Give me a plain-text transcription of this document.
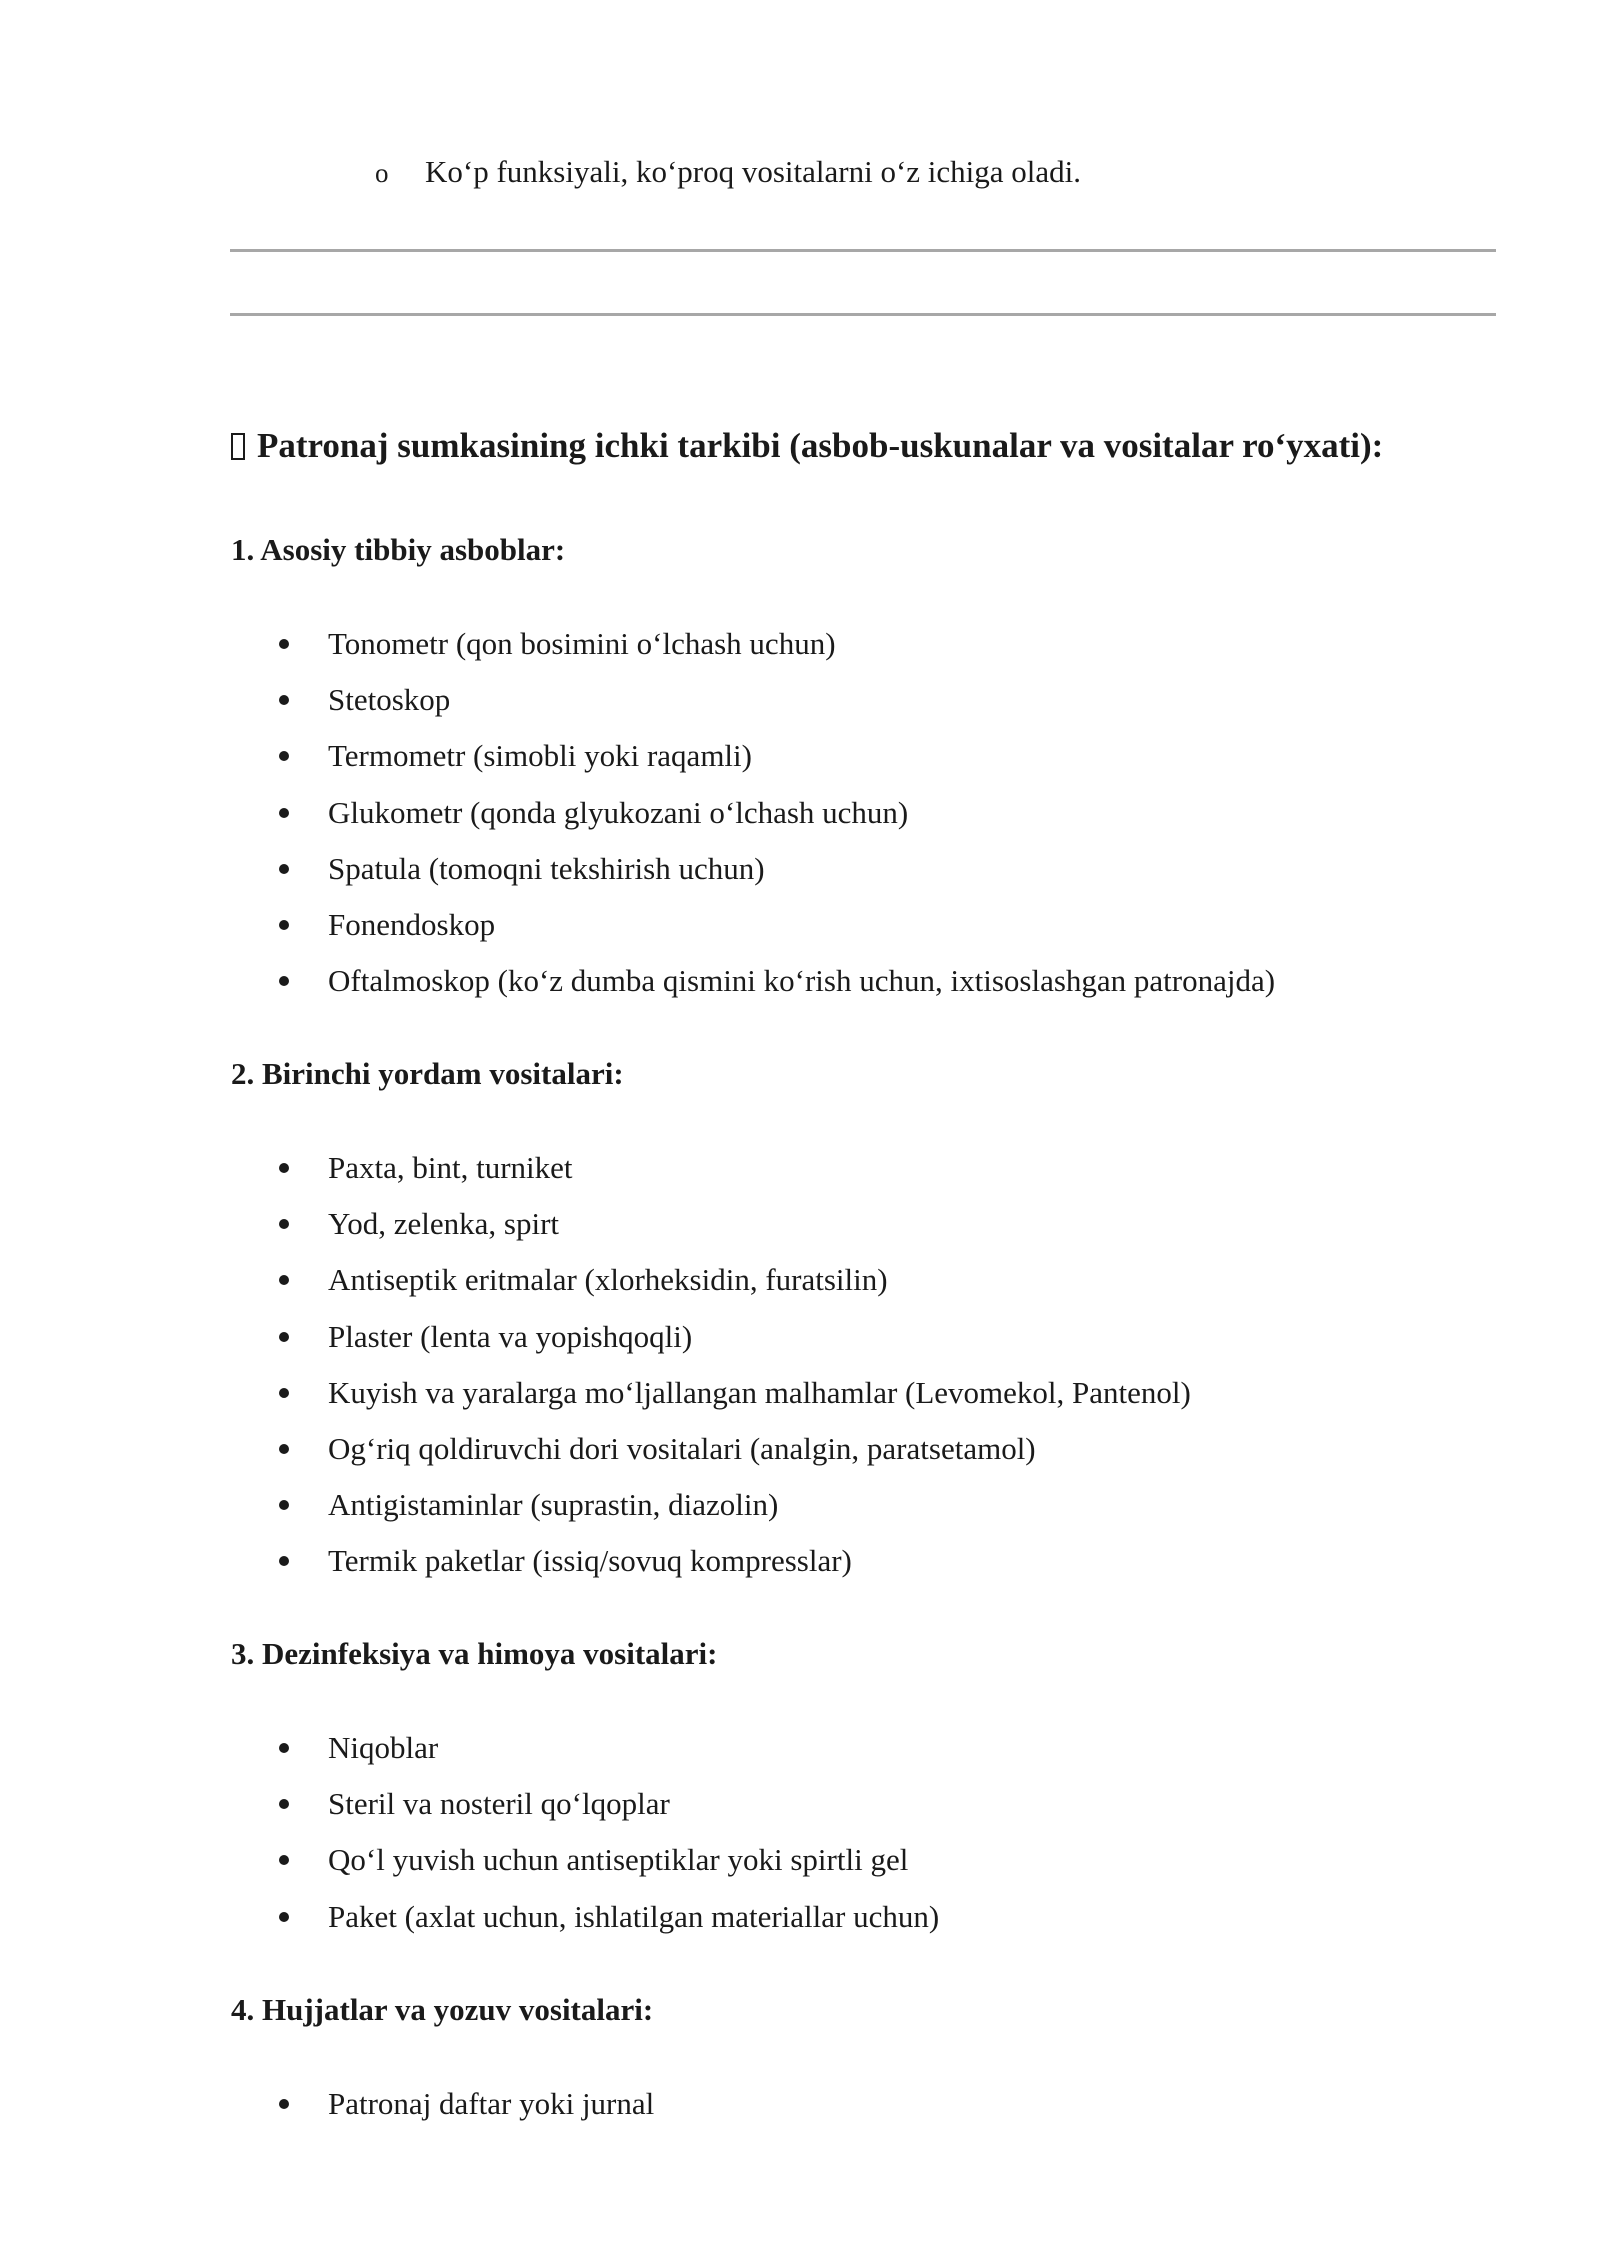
o	Koʻp funksiyali, koʻproq vositalarni oʻz ichiga oladi.
Patronaj sumkasining ichki tarkibi (asbob-uskunalar va vositalar roʻyxati):
1. Asosiy tibbiy asboblar:
Tonometr (qon bosimini oʻlchash uchun)
Stetoskop
Termometr (simobli yoki raqamli)
Glukometr (qonda glyukozani oʻlchash uchun)
Spatula (tomoqni tekshirish uchun)
Fonendoskop
Oftalmoskop (koʻz dumba qismini koʻrish uchun, ixtisoslashgan patronajda)
2. Birinchi yordam vositalari:
Paxta, bint, turniket
Yod, zelenka, spirt
Antiseptik eritmalar (xlorheksidin, furatsilin)
Plaster (lenta va yopishqoqli)
Kuyish va yaralarga moʻljallangan malhamlar (Levomekol, Pantenol)
Ogʻriq qoldiruvchi dori vositalari (analgin, paratsetamol)
Antigistaminlar (suprastin, diazolin)
Termik paketlar (issiq/sovuq kompresslar)
3. Dezinfeksiya va himoya vositalari:
Niqoblar
Steril va nosteril qoʻlqoplar
Qoʻl yuvish uchun antiseptiklar yoki spirtli gel
Paket (axlat uchun, ishlatilgan materiallar uchun)
4. Hujjatlar va yozuv vositalari:
Patronaj daftar yoki jurnal
